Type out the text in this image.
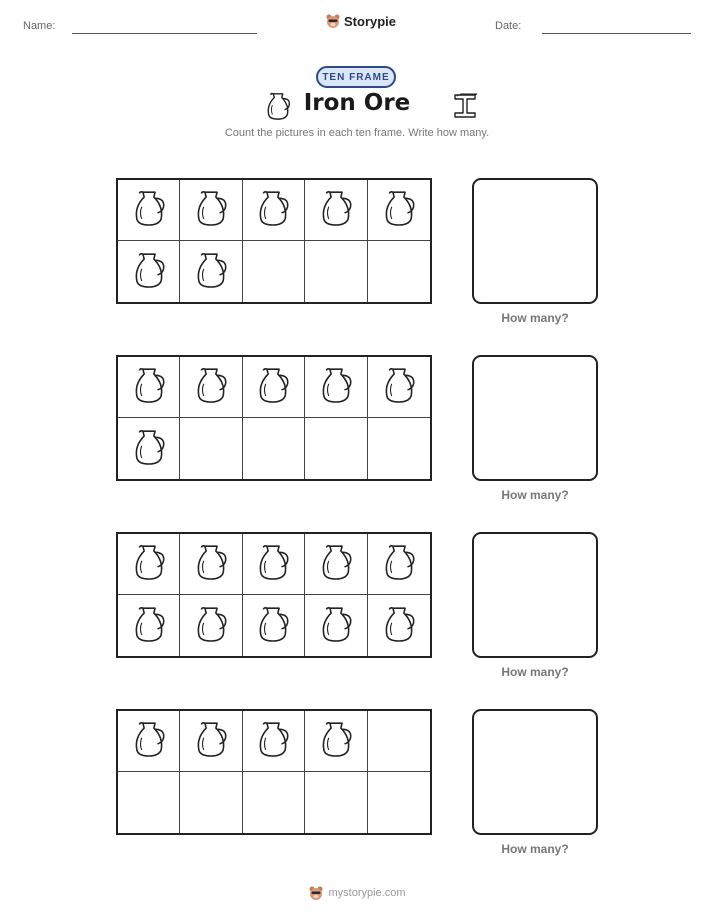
Name:	Storypie	Date:
TEN FRAME
Iron Ore
Count the pictures in each ten frame. Write how many.
How many?
How many?
How many?
How many?
mystorypie.com
